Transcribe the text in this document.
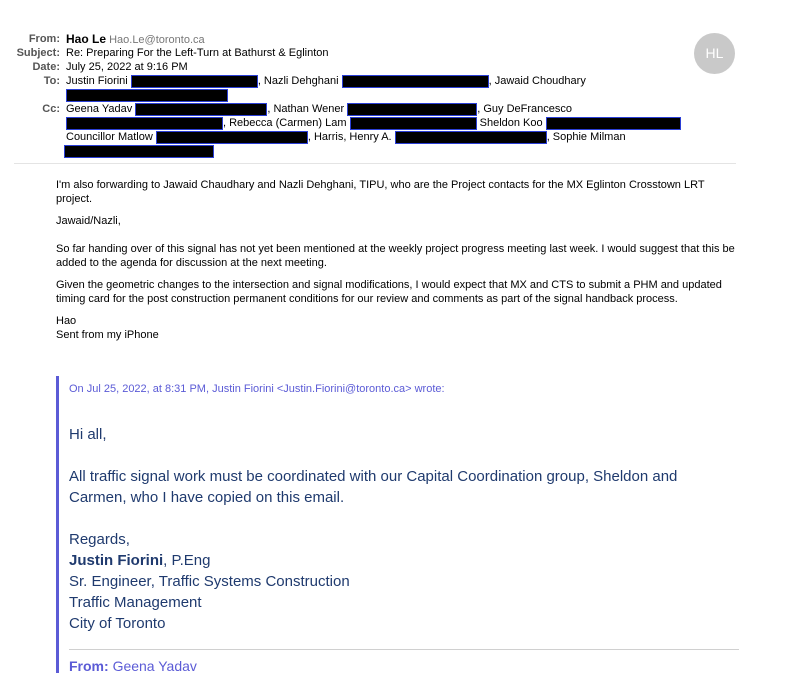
From: Hao Le Hao.Le@toronto.ca
Subject: Re: Preparing For the Left-Turn at Bathurst & Eglinton
Date: July 25, 2022 at 9:16 PM
To: Justin Fiorini	, Nazli Dehghani	, Jawaid Choudhary
Cc: Geena Yadav	, Nathan Wener	, Guy DeFrancesco
, Rebecca (Carmen) Lam	Sheldon Koo
Councillor Matlow	, Harris, Henry A.	, Sophie Milman
HL

I'm also forwarding to Jawaid Chaudhary and Nazli Dehghani, TIPU, who are the Project contacts for the MX Eglinton Crosstown LRT project.

Jawaid/Nazli,

So far handing over of this signal has not yet been mentioned at the weekly project progress meeting last week. I would suggest that this be added to the agenda for discussion at the next meeting.

Given the geometric changes to the intersection and signal modifications, I would expect that MX and CTS to submit a PHM and updated timing card for the post construction permanent conditions for our review and comments as part of the signal handback process.

Hao

Sent from my iPhone

On Jul 25, 2022, at 8:31 PM, Justin Fiorini <Justin.Fiorini@toronto.ca> wrote:

Hi all,

All traffic signal work must be coordinated with our Capital Coordination group, Sheldon and Carmen, who I have copied on this email.

Regards,

Justin Fiorini, P.Eng

Sr. Engineer, Traffic Systems Construction

Traffic Management

City of Toronto

From: Geena Yadav
